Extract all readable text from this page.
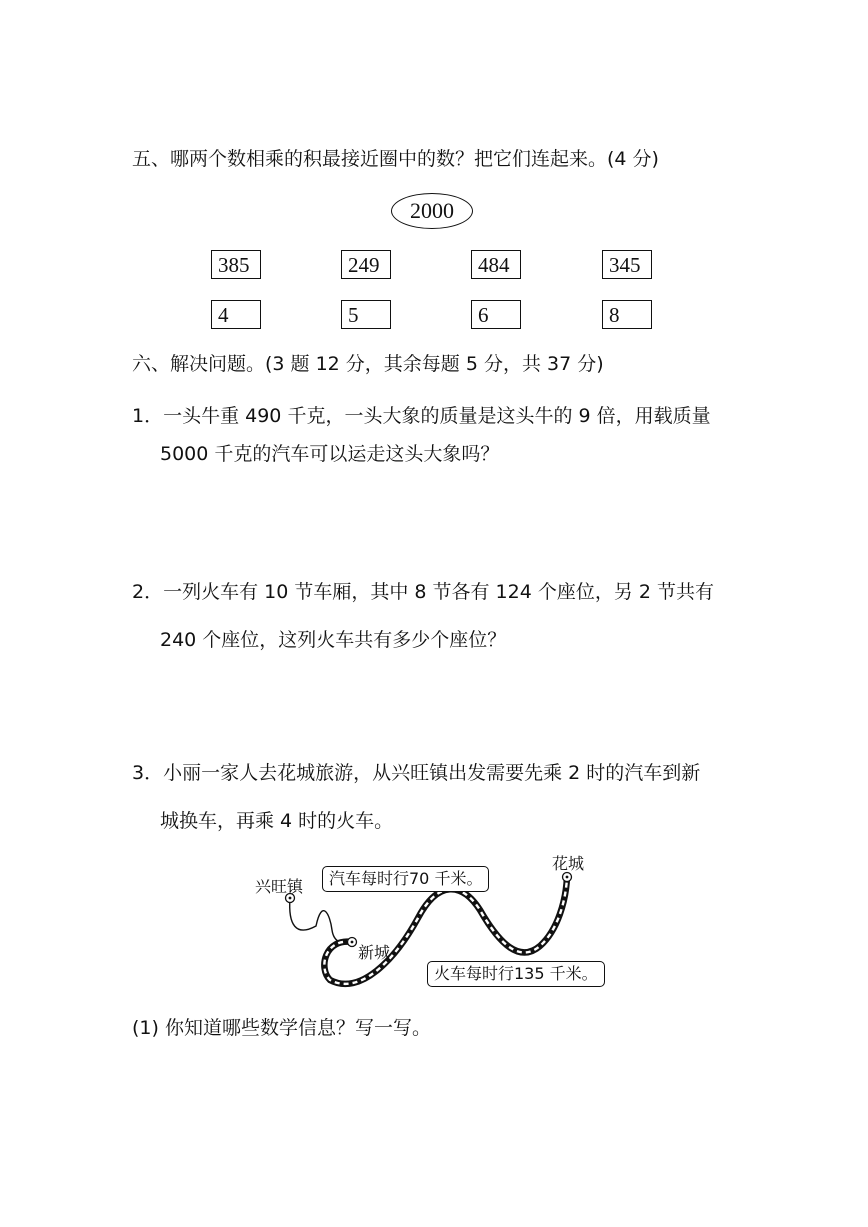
五、哪两个数相乘的积最接近圈中的数？把它们连起来。(4 分)
2000
385	249	484	345
4	5	6	8
六、解决问题。(3 题 12 分，其余每题 5 分，共 37 分)
1．一头牛重 490 千克，一头大象的质量是这头牛的 9 倍，用载质量
5000 千克的汽车可以运走这头大象吗？
2．一列火车有 10 节车厢，其中 8 节各有 124 个座位，另 2 节共有
240 个座位，这列火车共有多少个座位？
3．小丽一家人去花城旅游，从兴旺镇出发需要先乘 2 时的汽车到新
城换车，再乘 4 时的火车。
兴旺镇
新城
花城
汽车每时行70 千米。
火车每时行135 千米。
(1) 你知道哪些数学信息？写一写。
